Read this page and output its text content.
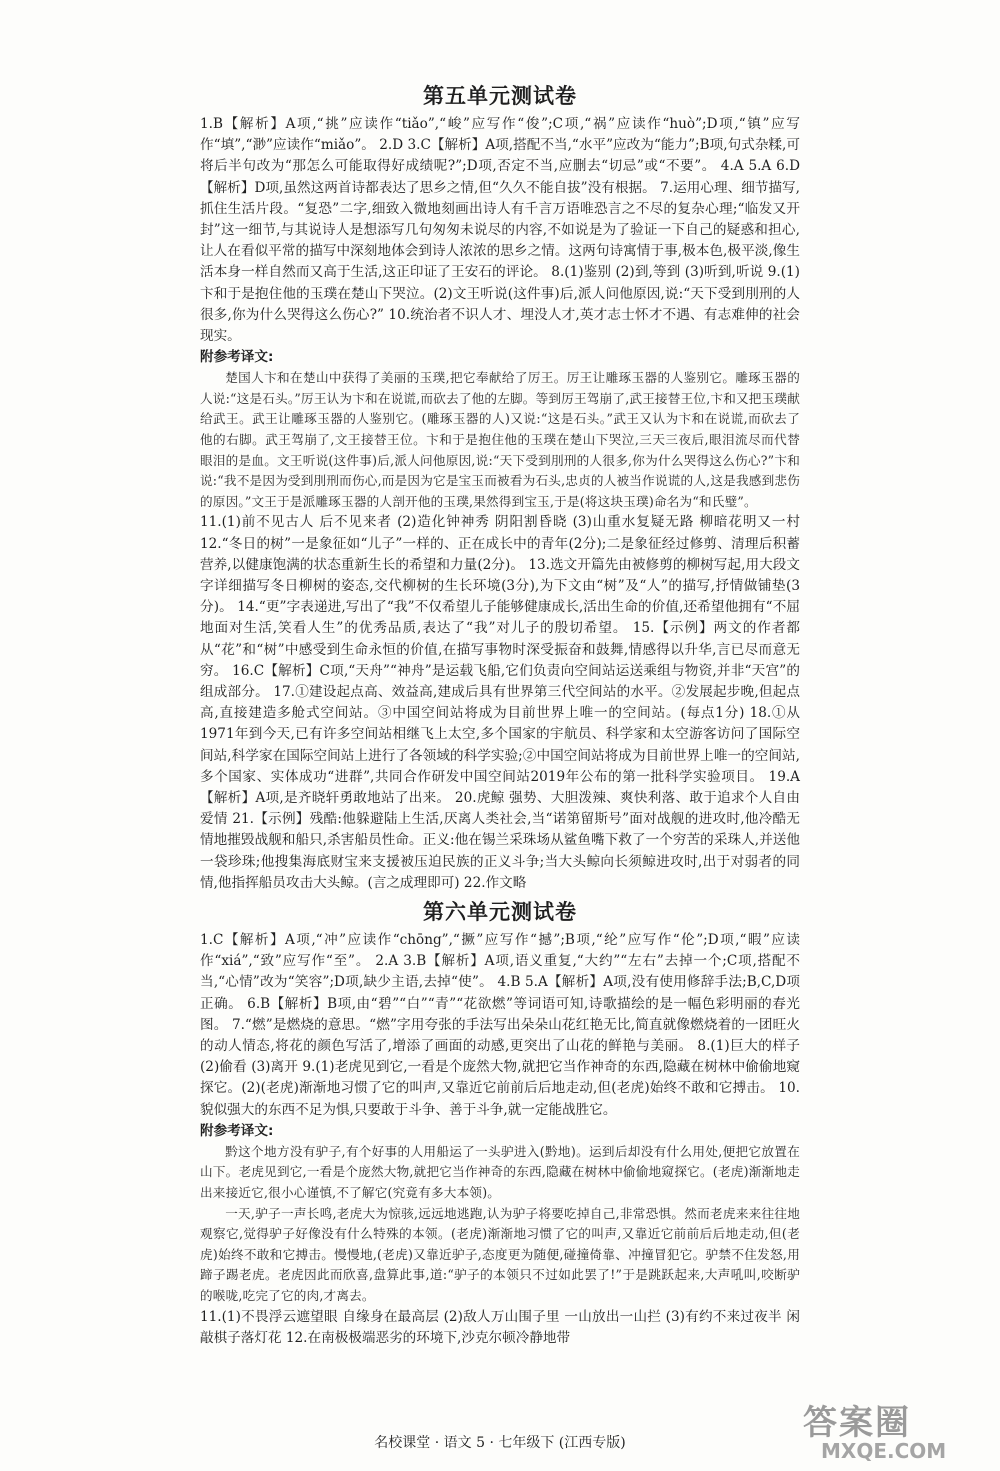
第五单元测试卷

1.B【解析】A项,“挑”应读作“tiǎo”,“峻”应写作“俊”;C项,“祸”应读作“huò”;D项,“镇”应写作“填”,“渺”应读作“miǎo”。 2.D 3.C【解析】A项,搭配不当,“水平”应改为“能力”;B项,句式杂糅,可将后半句改为“那怎么可能取得好成绩呢?”;D项,否定不当,应删去“切忌”或“不要”。 4.A 5.A 6.D【解析】D项,虽然这两首诗都表达了思乡之情,但“久久不能自拔”没有根据。 7.运用心理、细节描写,抓住生活片段。“复恐”二字,细致入微地刻画出诗人有千言万语唯恐言之不尽的复杂心理;“临发又开封”这一细节,与其说诗人是想添写几句匆匆未说尽的内容,不如说是为了验证一下自己的疑惑和担心,让人在看似平常的描写中深刻地体会到诗人浓浓的思乡之情。这两句诗寓情于事,极本色,极平淡,像生活本身一样自然而又高于生活,这正印证了王安石的评论。 8.(1)鉴别 (2)到,等到 (3)听到,听说 9.(1)卞和于是抱住他的玉璞在楚山下哭泣。(2)文王听说(这件事)后,派人问他原因,说:“天下受到刖刑的人很多,你为什么哭得这么伤心?” 10.统治者不识人才、埋没人才,英才志士怀才不遇、有志难伸的社会现实。

附参考译文:

楚国人卞和在楚山中获得了美丽的玉璞,把它奉献给了厉王。厉王让雕琢玉器的人鉴别它。雕琢玉器的人说:“这是石头。”厉王认为卞和在说谎,而砍去了他的左脚。等到厉王驾崩了,武王接替王位,卞和又把玉璞献给武王。武王让雕琢玉器的人鉴别它。(雕琢玉器的人)又说:“这是石头。”武王又认为卞和在说谎,而砍去了他的右脚。武王驾崩了,文王接替王位。卞和于是抱住他的玉璞在楚山下哭泣,三天三夜后,眼泪流尽而代替眼泪的是血。文王听说(这件事)后,派人问他原因,说:“天下受到刖刑的人很多,你为什么哭得这么伤心?”卞和说:“我不是因为受到刖刑而伤心,而是因为它是宝玉而被看为石头,忠贞的人被当作说谎的人,这是我感到悲伤的原因。”文王于是派雕琢玉器的人剖开他的玉璞,果然得到宝玉,于是(将这块玉璞)命名为“和氏璧”。

11.(1)前不见古人 后不见来者 (2)造化钟神秀 阴阳割昏晓 (3)山重水复疑无路 柳暗花明又一村 12.“冬日的树”一是象征如“儿子”一样的、正在成长中的青年(2分);二是象征经过修剪、清理后积蓄营养,以健康饱满的状态重新生长的希望和力量(2分)。 13.选文开篇先由被修剪的柳树写起,用大段文字详细描写冬日柳树的姿态,交代柳树的生长环境(3分),为下文由“树”及“人”的描写,抒情做铺垫(3分)。 14.“更”字表递进,写出了“我”不仅希望儿子能够健康成长,活出生命的价值,还希望他拥有“不屈地面对生活,笑看人生”的优秀品质,表达了“我”对儿子的殷切希望。 15.【示例】两文的作者都从“花”和“树”中感受到生命永恒的价值,在描写事物时深受振奋和鼓舞,情感得以升华,言已尽而意无穷。 16.C【解析】C项,“天舟”“神舟”是运载飞船,它们负责向空间站运送乘组与物资,并非“天宫”的组成部分。 17.①建设起点高、效益高,建成后具有世界第三代空间站的水平。②发展起步晚,但起点高,直接建造多舱式空间站。③中国空间站将成为目前世界上唯一的空间站。(每点1分) 18.①从1971年到今天,已有许多空间站相继飞上太空,多个国家的宇航员、科学家和太空游客访问了国际空间站,科学家在国际空间站上进行了各领域的科学实验;②中国空间站将成为目前世界上唯一的空间站,多个国家、实体成功“进群”,共同合作研发中国空间站2019年公布的第一批科学实验项目。 19.A【解析】A项,是齐晓轩勇敢地站了出来。 20.虎鲸 强势、大胆泼辣、爽快利落、敢于追求个人自由爱情 21.【示例】残酷:他躲避陆上生活,厌离人类社会,当“诺第留斯号”面对战舰的进攻时,他冷酷无情地摧毁战舰和船只,杀害船员性命。正义:他在锡兰采珠场从鲨鱼嘴下救了一个穷苦的采珠人,并送他一袋珍珠;他搜集海底财宝来支援被压迫民族的正义斗争;当大头鲸向长须鲸进攻时,出于对弱者的同情,他指挥船员攻击大头鲸。(言之成理即可) 22.作文略

第六单元测试卷

1.C【解析】A项,“冲”应读作“chōng”,“撅”应写作“撼”;B项,“纶”应写作“伦”;D项,“暇”应读作“xiá”,“致”应写作“至”。 2.A 3.B【解析】A项,语义重复,“大约”“左右”去掉一个;C项,搭配不当,“心情”改为“笑容”;D项,缺少主语,去掉“使”。 4.B 5.A【解析】A项,没有使用修辞手法;B,C,D项正确。 6.B【解析】B项,由“碧”“白”“青”“花欲燃”等词语可知,诗歌描绘的是一幅色彩明丽的春光图。 7.“燃”是燃烧的意思。“燃”字用夸张的手法写出朵朵山花红艳无比,简直就像燃烧着的一团旺火的动人情态,将花的颜色写活了,增添了画面的动感,更突出了山花的鲜艳与美丽。 8.(1)巨大的样子 (2)偷看 (3)离开 9.(1)老虎见到它,一看是个庞然大物,就把它当作神奇的东西,隐藏在树林中偷偷地窥探它。(2)(老虎)渐渐地习惯了它的叫声,又靠近它前前后后地走动,但(老虎)始终不敢和它搏击。 10.貌似强大的东西不足为惧,只要敢于斗争、善于斗争,就一定能战胜它。

附参考译文:

黔这个地方没有驴子,有个好事的人用船运了一头驴进入(黔地)。运到后却没有什么用处,便把它放置在山下。老虎见到它,一看是个庞然大物,就把它当作神奇的东西,隐藏在树林中偷偷地窥探它。(老虎)渐渐地走出来接近它,很小心谨慎,不了解它(究竟有多大本领)。

一天,驴子一声长鸣,老虎大为惊骇,远远地逃跑,认为驴子将要吃掉自己,非常恐惧。然而老虎来来往往地观察它,觉得驴子好像没有什么特殊的本领。(老虎)渐渐地习惯了它的叫声,又靠近它前前后后地走动,但(老虎)始终不敢和它搏击。慢慢地,(老虎)又靠近驴子,态度更为随便,碰撞倚靠、冲撞冒犯它。驴禁不住发怒,用蹄子踢老虎。老虎因此而欣喜,盘算此事,道:“驴子的本领只不过如此罢了!”于是跳跃起来,大声吼叫,咬断驴的喉咙,吃完了它的肉,才离去。

11.(1)不畏浮云遮望眼 自缘身在最高层 (2)敌人万山围子里 一山放出一山拦 (3)有约不来过夜半 闲敲棋子落灯花 12.在南极极端恶劣的环境下,沙克尔顿冷静地带

名校课堂 · 语文 5 · 七年级下 (江西专版)	答案圈
MXQE.COM
